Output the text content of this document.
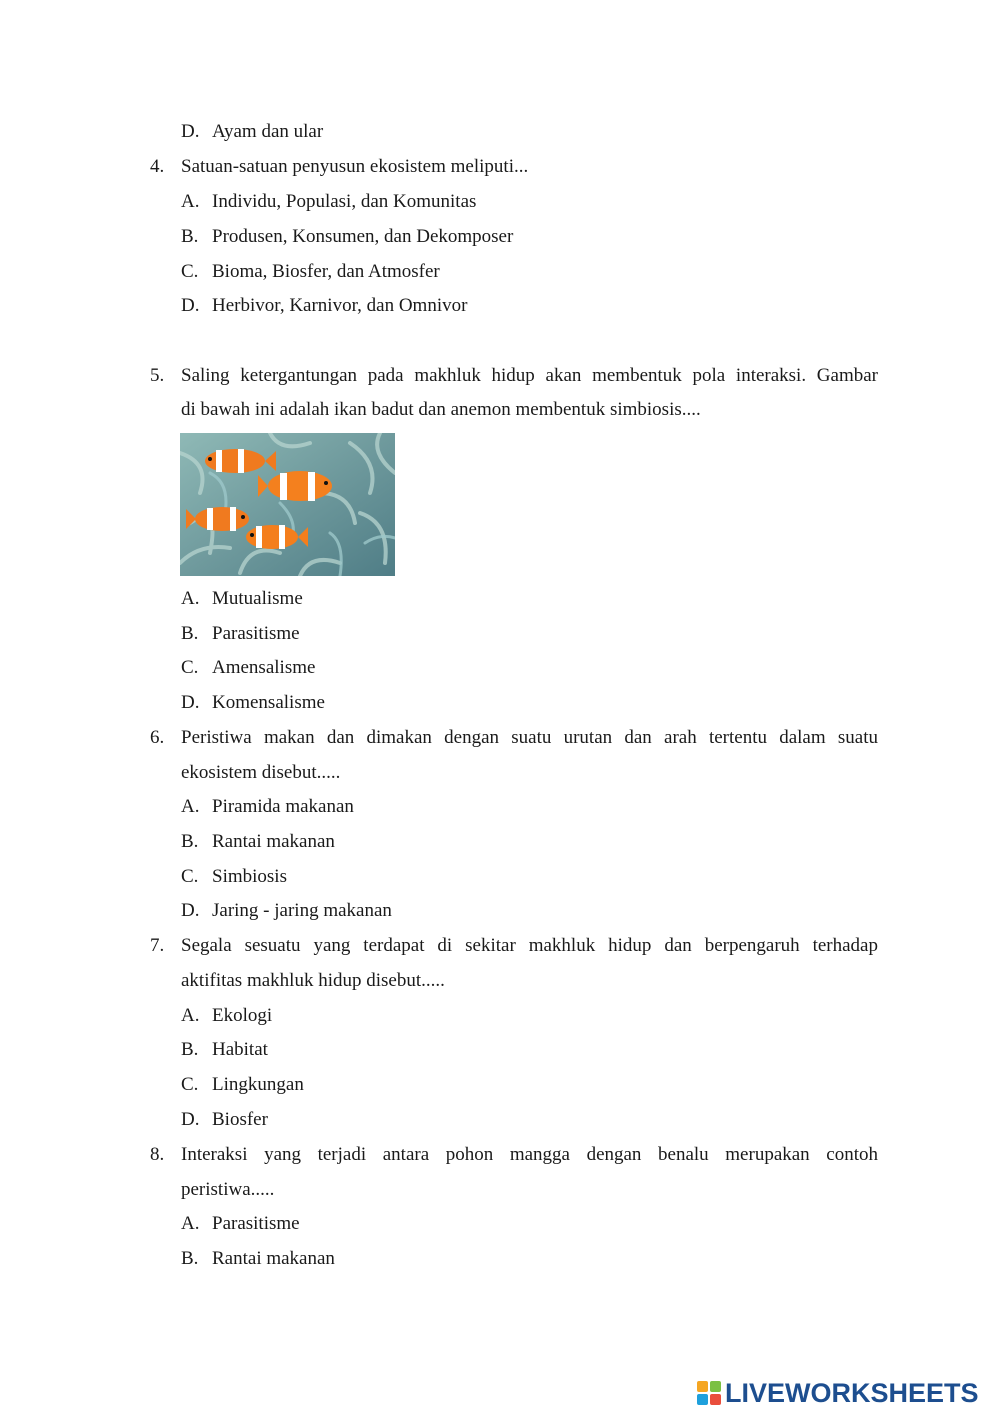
D. Ayam dan ular
4. Satuan-satuan penyusun ekosistem meliputi...
A. Individu, Populasi, dan Komunitas
B. Produsen, Konsumen, dan Dekomposer
C. Bioma, Biosfer, dan Atmosfer
D. Herbivor, Karnivor, dan Omnivor
5. Saling ketergantungan pada makhluk hidup akan membentuk pola interaksi. Gambar
di bawah ini adalah ikan badut dan anemon membentuk simbiosis....
A. Mutualisme
B. Parasitisme
C. Amensalisme
D. Komensalisme
6. Peristiwa makan dan dimakan dengan suatu urutan dan arah tertentu dalam suatu
ekosistem disebut.....
A. Piramida makanan
B. Rantai makanan
C. Simbiosis
D. Jaring - jaring makanan
7. Segala sesuatu yang terdapat di sekitar makhluk hidup dan berpengaruh terhadap
aktifitas makhluk hidup disebut.....
A. Ekologi
B. Habitat
C. Lingkungan
D. Biosfer
8. Interaksi yang terjadi antara pohon mangga dengan benalu merupakan contoh
peristiwa.....
A. Parasitisme
B. Rantai makanan
LIVEWORKSHEETS
